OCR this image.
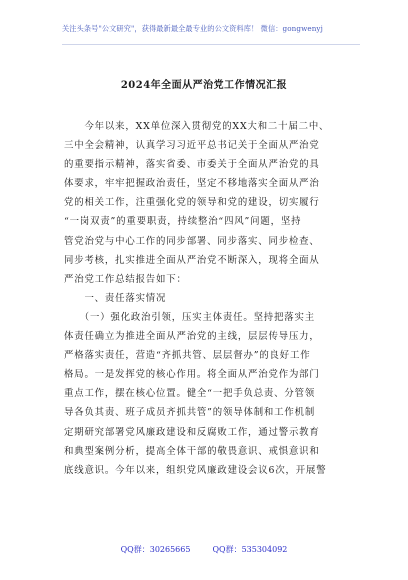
关注头条号"公文研究"，获得最新最全最专业的公文资料库！ 微信：gongwenyj
2024年全面从严治党工作情况汇报
　　今年以来，XX单位深入贯彻党的XX大和二十届二中、
三中全会精神，认真学习习近平总书记关于全面从严治党
的重要指示精神，落实省委、市委关于全面从严治党的具
体要求，牢牢把握政治责任，坚定不移地落实全面从严治
党的相关工作，注重强化党的领导和党的建设，切实履行
“一岗双责”的重要职责，持续整治“四风”问题，坚持
管党治党与中心工作的同步部署、同步落实、同步检查、
同步考核，扎实推进全面从严治党不断深入，现将全面从
严治党工作总结报告如下：
　　一、责任落实情况
　　（一）强化政治引领，压实主体责任。坚持把落实主
体责任确立为推进全面从严治党的主线，层层传导压力，
严格落实责任，营造“齐抓共管、层层督办”的良好工作
格局。一是发挥党的核心作用。将全面从严治党作为部门
重点工作，摆在核心位置。健全“一把手负总责、分管领
导各负其责、班子成员齐抓共管”的领导体制和工作机制
定期研究部署党风廉政建设和反腐败工作，通过警示教育
和典型案例分析，提高全体干部的敬畏意识、戒惧意识和
底线意识。今年以来，组织党风廉政建设会议6次，开展警
QQ群：30265665	QQ群：535304092
